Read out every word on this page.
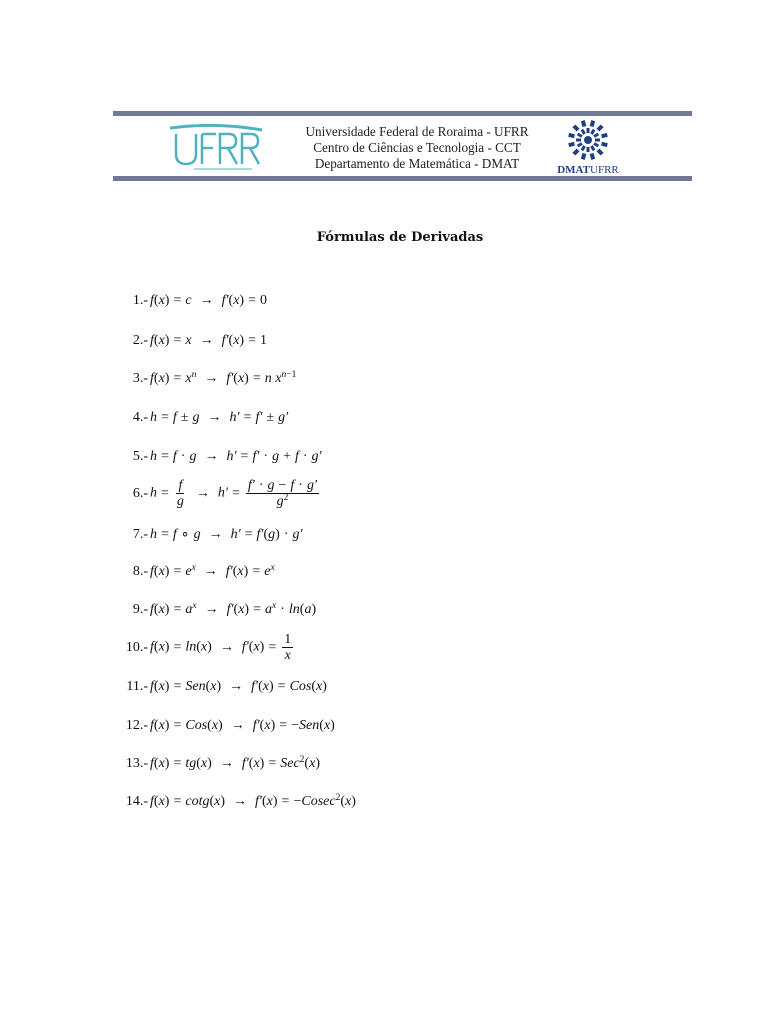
Universidade Federal de Roraima - UFRR
Centro de Ciências e Tecnologia - CCT
Departamento de Matemática - DMAT	DMATUFRR
Fórmulas de Derivadas
1.- f(x) = c → f′(x) = 0
2.- f(x) = x → f′(x) = 1
3.- $f(x) = x^n \to f'(x) = n$ $x^{n-1}$
4.- h = f ± g → h′ = f′ ± g′
5.- h = f · g → h′ = f′ · g + f · g′
6.- $h = \frac{f}{g} \to h' = \frac{f' \cdot g - f \cdot g'}{g^2}$
7.- h = f ∘ g → h′ = f′(g) · g′
8.- $f(x) = e^x \to f'(x) = e^x$
9.- $f(x) = a^x \to f'(x) = a^x \cdot \ln(a)$
10.- $f(x) = \ln(x) \to f'(x) = \frac{1}{x}$
11.- f(x) = Sen(x) → f′(x) = Cos(x)
12.- f(x) = Cos(x) → f′(x) = −Sen(x)
13.- f(x) = tg(x) → f′(x) = Sec$^2$(x)
14.- f(x) = cotg(x) → f′(x) = −Cosec$^2$(x)
